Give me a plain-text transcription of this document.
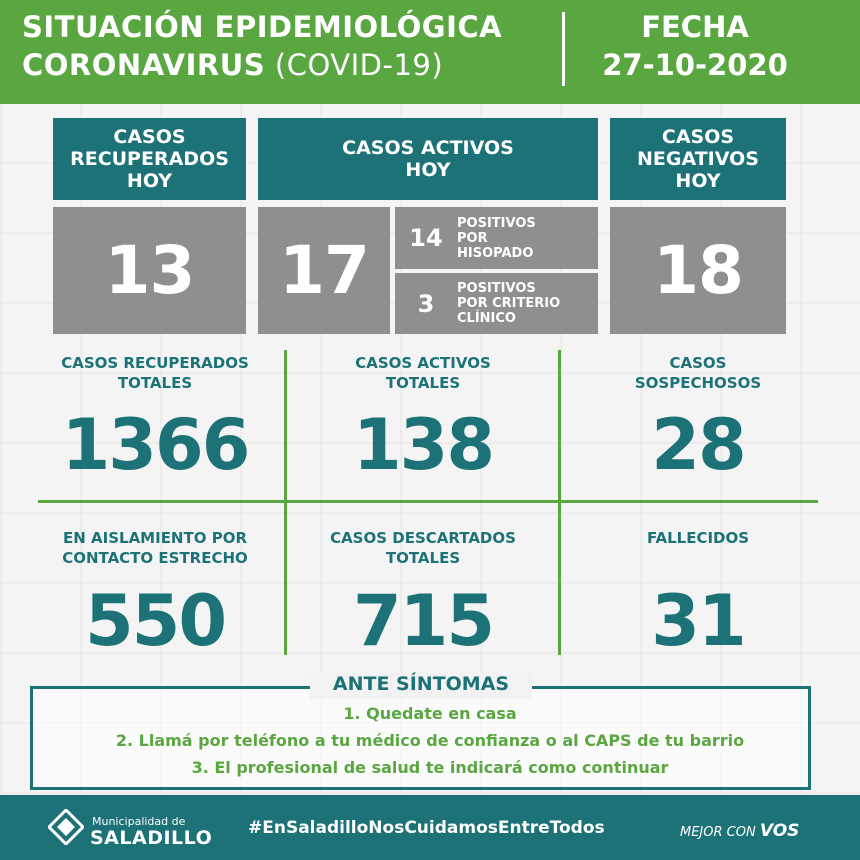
SITUACIÓN EPIDEMIOLÓGICA
CORONAVIRUS (COVID-19)
FECHA
27-10-2020
CASOS
RECUPERADOS
HOY
13
CASOS ACTIVOS
HOY
17	14
POSITIVOS
POR
HISOPADO
3
POSITIVOS
POR CRITERIO
CLÍNICO
CASOS
NEGATIVOS
HOY
18
CASOS RECUPERADOS
TOTALES
1366
CASOS ACTIVOS
TOTALES
138
CASOS
SOSPECHOSOS
28
EN AISLAMIENTO POR
CONTACTO ESTRECHO
550
CASOS DESCARTADOS
TOTALES
715
FALLECIDOS
31
ANTE SÍNTOMAS
1. Quedate en casa
2. Llamá por teléfono a tu médico de confianza o al CAPS de tu barrio
3. El profesional de salud te indicará como continuar
Municipalidad de
SALADILLO #EnSaladilloNosCuidamosEntreTodos	MEJOR CON VOS
